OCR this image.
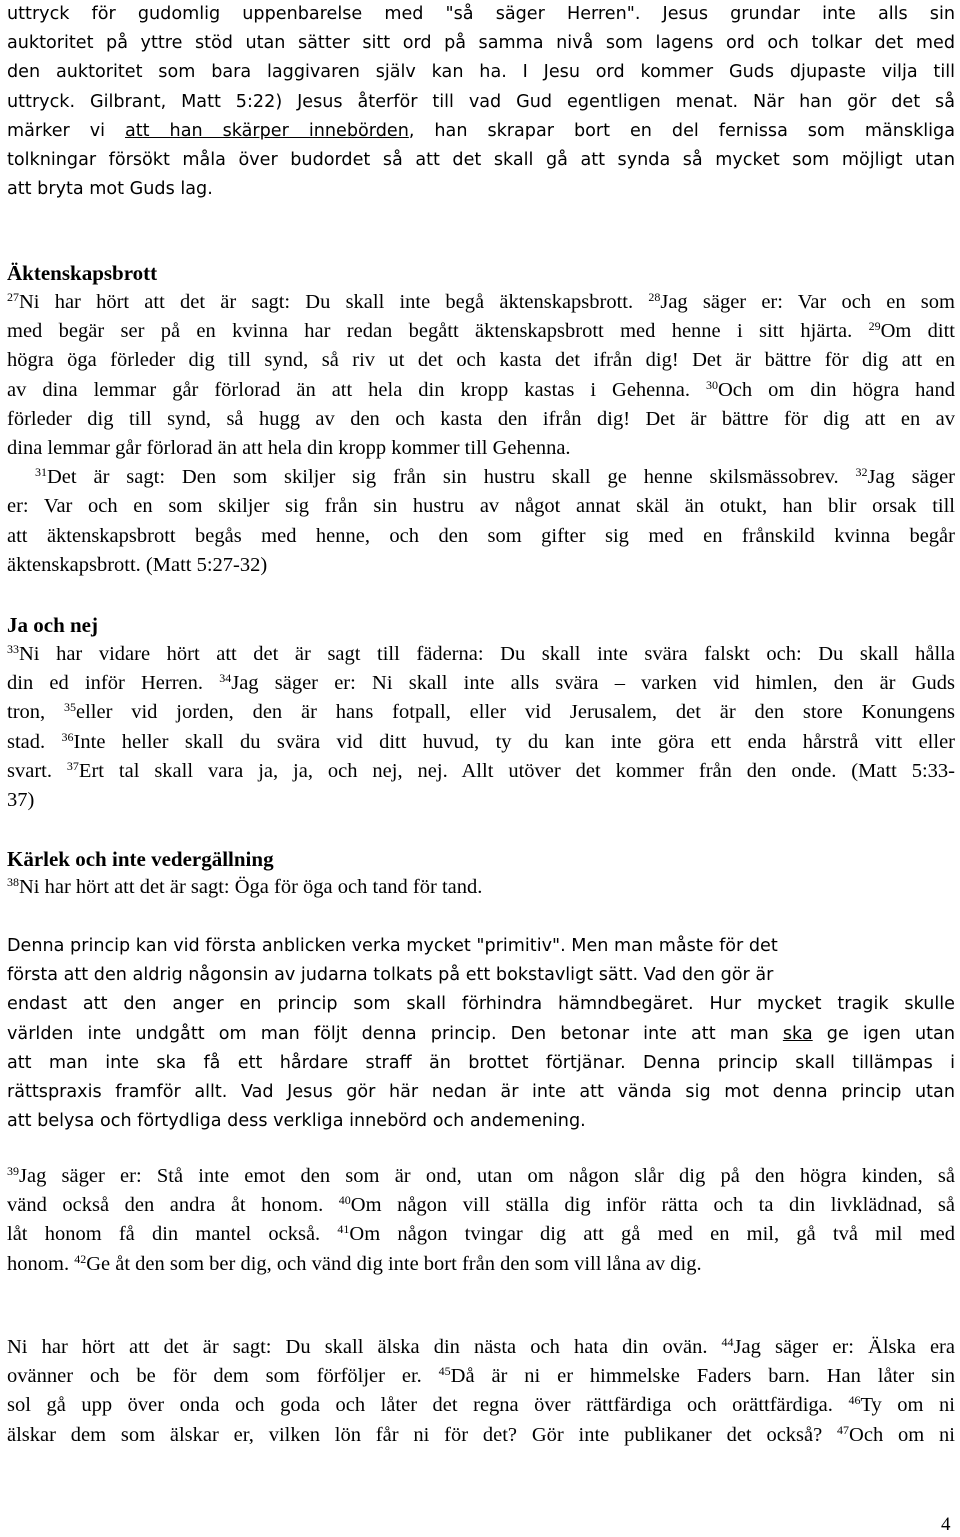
uttryck för gudomlig uppenbarelse med "så säger Herren". Jesus grundar inte alls sin
auktoritet på yttre stöd utan sätter sitt ord på samma nivå som lagens ord och tolkar det med
den auktoritet som bara laggivaren själv kan ha. I Jesu ord kommer Guds djupaste vilja till
uttryck. Gilbrant, Matt 5:22) Jesus återför till vad Gud egentligen menat. När han gör det så
märker vi att han skärper innebörden, han skrapar bort en del fernissa som mänskliga
tolkningar försökt måla över budordet så att det skall gå att synda så mycket som möjligt utan
att bryta mot Guds lag.
Äktenskapsbrott
$^{27}$Ni har hört att det är sagt: Du skall inte begå äktenskapsbrott. $^{28}$Jag säger er: Var och en som
med begär ser på en kvinna har redan begått äktenskapsbrott med henne i sitt hjärta. $^{29}$Om ditt
högra öga förleder dig till synd, så riv ut det och kasta det ifrån dig! Det är bättre för dig att en
av dina lemmar går förlorad än att hela din kropp kastas i Gehenna. $^{30}$Och om din högra hand
förleder dig till synd, så hugg av den och kasta den ifrån dig! Det är bättre för dig att en av
dina lemmar går förlorad än att hela din kropp kommer till Gehenna.
$^{31}$Det är sagt: Den som skiljer sig från sin hustru skall ge henne skilsmässobrev. $^{32}$Jag säger
er: Var och en som skiljer sig från sin hustru av något annat skäl än otukt, han blir orsak till
att äktenskapsbrott begås med henne, och den som gifter sig med en frånskild kvinna begår
äktenskapsbrott. (Matt 5:27-32)
Ja och nej
$^{33}$Ni har vidare hört att det är sagt till fäderna: Du skall inte svära falskt och: Du skall hålla
din ed inför Herren. $^{34}$Jag säger er: Ni skall inte alls svära – varken vid himlen, den är Guds
tron, $^{35}$eller vid jorden, den är hans fotpall, eller vid Jerusalem, det är den store Konungens
stad. $^{36}$Inte heller skall du svära vid ditt huvud, ty du kan inte göra ett enda hårstrå vitt eller
svart. $^{37}$Ert tal skall vara ja, ja, och nej, nej. Allt utöver det kommer från den onde. (Matt 5:33-
37)
Kärlek och inte vedergällning
$^{38}$Ni har hört att det är sagt: Öga för öga och tand för tand.
Denna princip kan vid första anblicken verka mycket "primitiv". Men man måste för det
första att den aldrig någonsin av judarna tolkats på ett bokstavligt sätt. Vad den gör är
endast att den anger en princip som skall förhindra hämndbegäret. Hur mycket tragik skulle
världen inte undgått om man följt denna princip. Den betonar inte att man ska ge igen utan
att man inte ska få ett hårdare straff än brottet förtjänar. Denna princip skall tillämpas i
rättspraxis framför allt. Vad Jesus gör här nedan är inte att vända sig mot denna princip utan
att belysa och förtydliga dess verkliga innebörd och andemening.
$^{39}$Jag säger er: Stå inte emot den som är ond, utan om någon slår dig på den högra kinden, så
vänd också den andra åt honom. $^{40}$Om någon vill ställa dig inför rätta och ta din livklädnad, så
låt honom få din mantel också. $^{41}$Om någon tvingar dig att gå med en mil, gå två mil med
honom. $^{42}$Ge åt den som ber dig, och vänd dig inte bort från den som vill låna av dig.
Ni har hört att det är sagt: Du skall älska din nästa och hata din ovän. $^{44}$Jag säger er: Älska era
ovänner och be för dem som förföljer er. $^{45}$Då är ni er himmelske Faders barn. Han låter sin
sol gå upp över onda och goda och låter det regna över rättfärdiga och orättfärdiga. $^{46}$Ty om ni
älskar dem som älskar er, vilken lön får ni för det? Gör inte publikaner det också? $^{47}$Och om ni
4
